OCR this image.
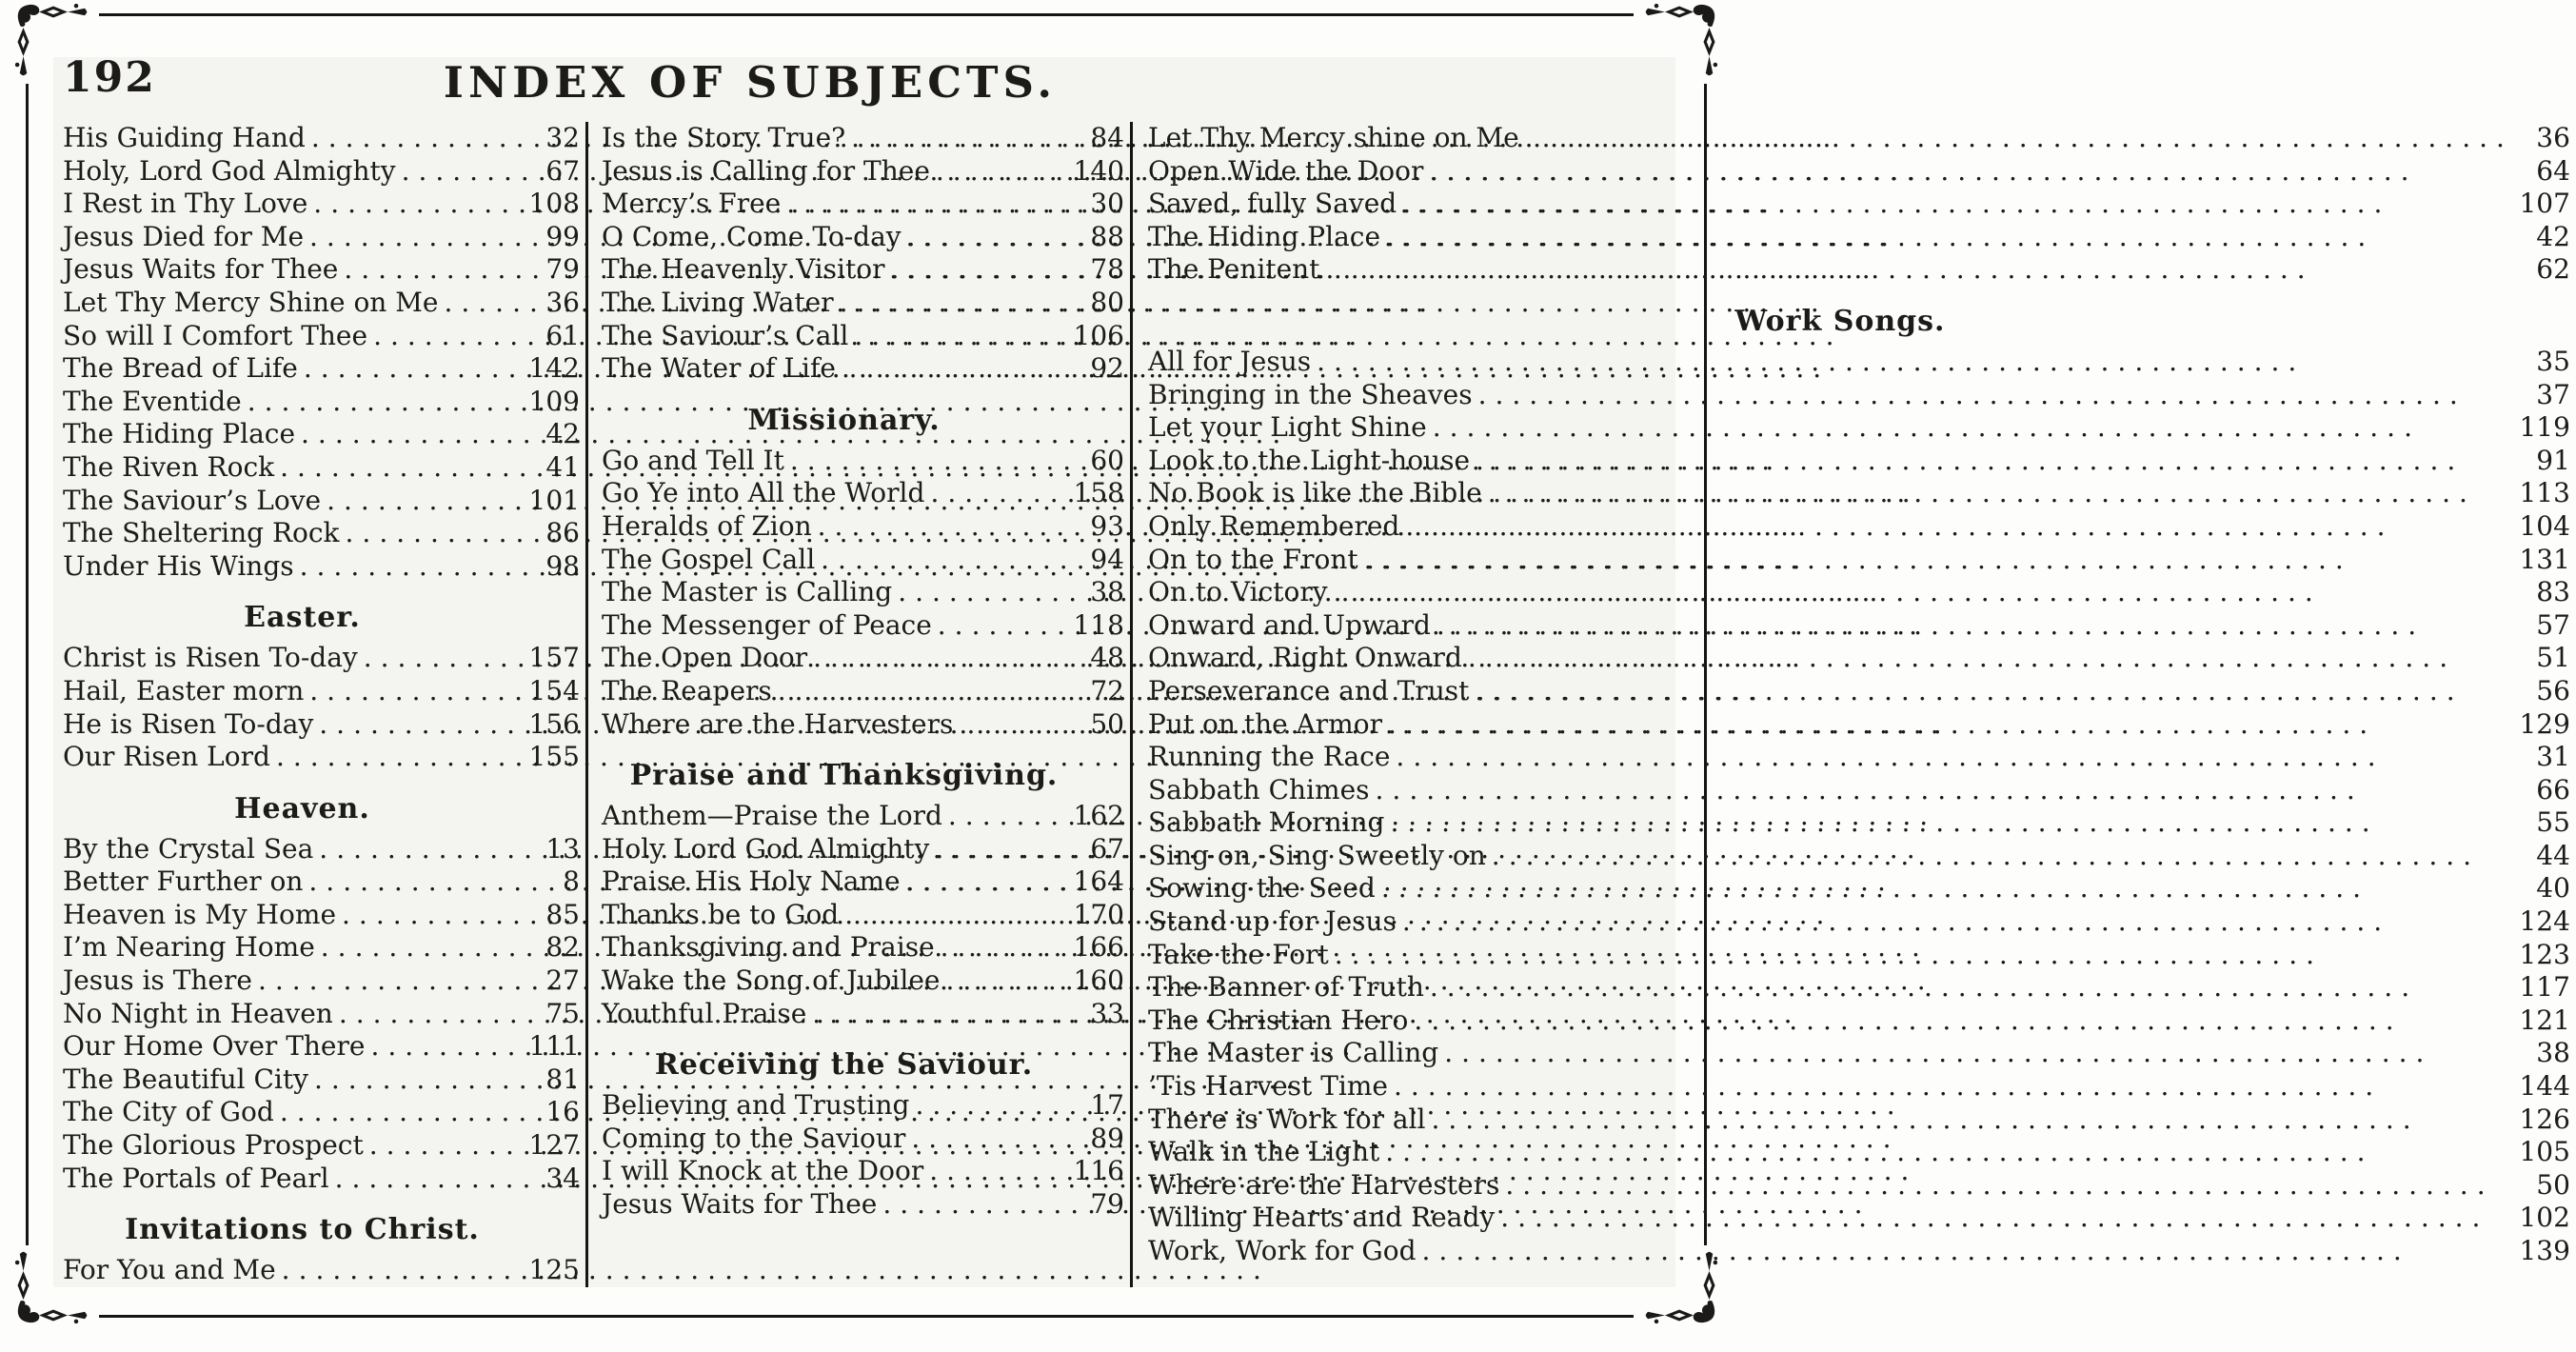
192	INDEX OF SUBJECTS.
His Guiding Hand .....	32
Holy, Lord God Almighty .....	67
I Rest in Thy Love .....	108
Jesus Died for Me .....	99
Jesus Waits for Thee .....	79
Let Thy Mercy Shine on Me .....	36
So will I Comfort Thee .....	61
The Bread of Life .....	142
The Eventide .....	109
The Hiding Place .....	42
The Riven Rock .....	41
The Saviour’s Love .....	101
The Sheltering Rock .....	86
Under His Wings .....	98
Easter.
Christ is Risen To-day .....	157
Hail, Easter morn .....	154
He is Risen To-day .....	156
Our Risen Lord .....	155
Heaven.
By the Crystal Sea .....	13
Better Further on .....	8
Heaven is My Home .....	85
I’m Nearing Home .....	82
Jesus is There .....	27
No Night in Heaven .....	75
Our Home Over There .....	111
The Beautiful City .....	81
The City of God .....	16
The Glorious Prospect .....	127
The Portals of Pearl .....	34
Invitations to Christ.
For You and Me .....	125
Is the Story True? .....	84
Jesus is Calling for Thee .....	140
Mercy’s Free .....	30
O Come, Come To-day .....	88
The Heavenly Visitor .....	78
The Living Water .....	80
The Saviour’s Call .....	106
The Water of Life .....	92
Missionary.
Go and Tell It .....	60
Go Ye into All the World .....	158
Heralds of Zion .....	93
The Gospel Call .....	94
The Master is Calling .....	38
The Messenger of Peace .....	118
The Open Door .....	48
The Reapers .....	72
Where are the Harvesters .....	50
Praise and Thanksgiving.
Anthem—Praise the Lord .....	162
Holy Lord God Almighty .....	67
Praise His Holy Name .....	164
Thanks be to God .....	170
Thanksgiving and Praise .....	166
Wake the Song of Jubilee .....	160
Youthful Praise .....	33
Receiving the Saviour.
Believing and Trusting .....	17
Coming to the Saviour .....	89
I will Knock at the Door .....	116
Jesus Waits for Thee .....	79
Let Thy Mercy shine on Me .....	36
Open Wide the Door .....	64
Saved, fully Saved .....	107
The Hiding Place .....	42
The Penitent .....	62
Work Songs.
All for Jesus .....	35
Bringing in the Sheaves .....	37
Let your Light Shine .....	119
Look to the Light-house .....	91
No Book is like the Bible .....	113
Only Remembered .....	104
On to the Front .....	131
On to Victory .....	83
Onward and Upward .....	57
Onward, Right Onward .....	51
Perseverance and Trust .....	56
Put on the Armor .....	129
Running the Race .....	31
Sabbath Chimes .....	66
Sabbath Morning .....	55
Sing on, Sing Sweetly on .....	44
Sowing the Seed .....	40
Stand up for Jesus .....	124
Take the Fort .....	123
The Banner of Truth .....	117
The Christian Hero .....	121
The Master is Calling .....	38
’Tis Harvest Time .....	144
There is Work for all .....	126
Walk in the Light .....	105
Where are the Harvesters .....	50
Willing Hearts and Ready .....	102
Work, Work for God .....	139
